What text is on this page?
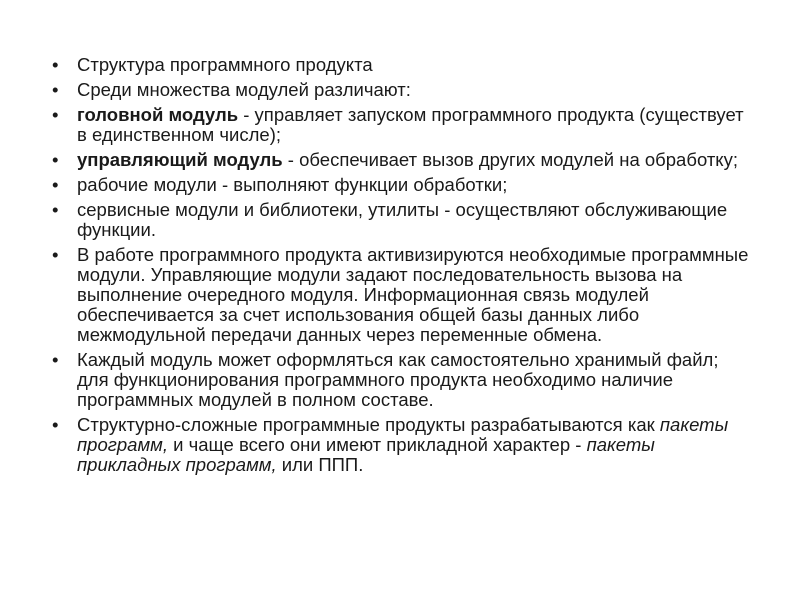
•	Структура программного продукта
•	Среди множества модулей различают:
•	головной модуль - управляет запуском программного продукта (существует в единственном числе);
•	управляющий модуль - обеспечивает вызов других модулей на обработку;
•	рабочие модули - выполняют функции обработки;
•	сервисные модули и библиотеки, утилиты - осуществляют обслуживающие функции.
•	В работе программного продукта активизируются необходимые программные модули. Управляющие модули задают последовательность вызова на выполнение очередного модуля. Информационная связь модулей обеспечивается за счет использования общей базы данных либо межмодульной передачи данных через переменные обмена.
•	Каждый модуль может оформляться как самостоятельно хранимый файл; для функционирования программного продукта необходимо наличие программных модулей в полном составе.
•	Структурно-сложные программные продукты разрабатываются как пакеты программ, и чаще всего они имеют прикладной характер - пакеты прикладных программ, или ППП.
